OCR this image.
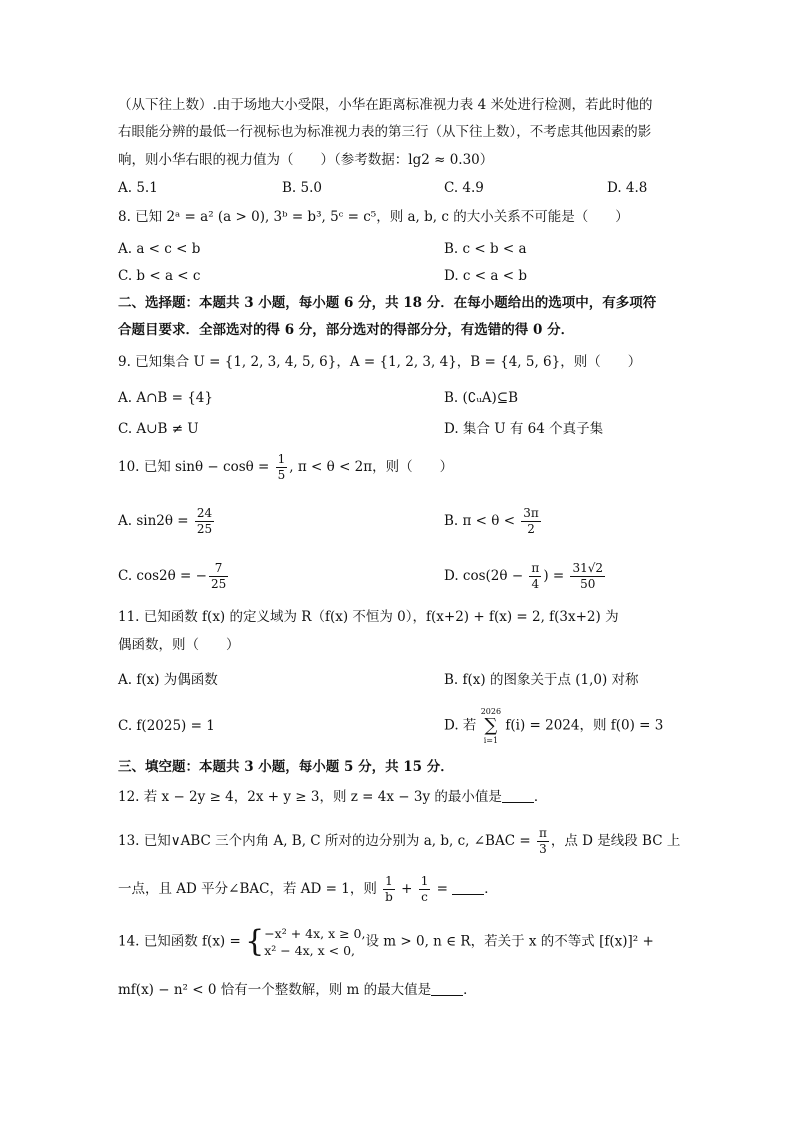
（从下往上数）.由于场地大小受限，小华在距离标准视力表 4 米处进行检测，若此时他的
右眼能分辨的最低一行视标也为标准视力表的第三行（从下往上数），不考虑其他因素的影
响，则小华右眼的视力值为（　　）（参考数据：lg2 ≈ 0.30）
A. 5.1	B. 5.0	C. 4.9	D. 4.8
8. 已知 2ᵃ = a² (a > 0), 3ᵇ = b³, 5ᶜ = c⁵，则 a, b, c 的大小关系不可能是（　　）
A. a < c < b	B. c < b < a
C. b < a < c	D. c < a < b
二、选择题：本题共 3 小题，每小题 6 分，共 18 分．在每小题给出的选项中，有多项符
合题目要求．全部选对的得 6 分，部分选对的得部分分，有选错的得 0 分．
9. 已知集合 U = {1, 2, 3, 4, 5, 6}，A = {1, 2, 3, 4}，B = {4, 5, 6}，则（　　）
A. A∩B = {4}	B. (∁ᵤA)⊆B
C. A∪B ≠ U	D. 集合 U 有 64 个真子集
10. 已知 $\sin\theta - \cos\theta = \frac{1}{5}$ , π < θ < 2π，则（　　）
A. $\sin 2\theta = \frac{24}{25}$	B. $\pi < \theta < \frac{3\pi}{2}$
C. cos2θ = − $\frac{7}{25}$	D. $\cos(2\theta - \frac{\pi}{4}$ ) = $\frac{31√2}{50}$
11. 已知函数 f(x) 的定义域为 R（f(x) 不恒为 0），f(x+2) + f(x) = 2, f(3x+2) 为
偶函数，则（　　）
A. f(x) 为偶函数	B. f(x) 的图象关于点 (1,0) 对称
C. f(2025) = 1	D. 若
2026
∑
i=1
f(i) = 2024，则 f(0) = 3
三、填空题：本题共 3 小题，每小题 5 分，共 15 分．
12. 若 x − 2y ≥ 4，2x + y ≥ 3，则 z = 4x − 3y 的最小值是 ．
13. 已知∨ABC 三个内角 A, B, C 所对的边分别为 a, b, c, ∠BAC = $\frac{\pi}{3}$ ，点 D 是线段 BC 上
一点，且 AD 平分∠BAC，若 AD = 1，则 $\frac{1}{b} + \frac{1}{c}$ = ．
14. 已知函数 f(x) = { −x² + 4x, x ≥ 0,
x² − 4x, x < 0,
设 m > 0, n ∈ R，若关于 x 的不等式 [f(x)]² +
mf(x) − n² < 0 恰有一个整数解，则 m 的最大值是 ．
